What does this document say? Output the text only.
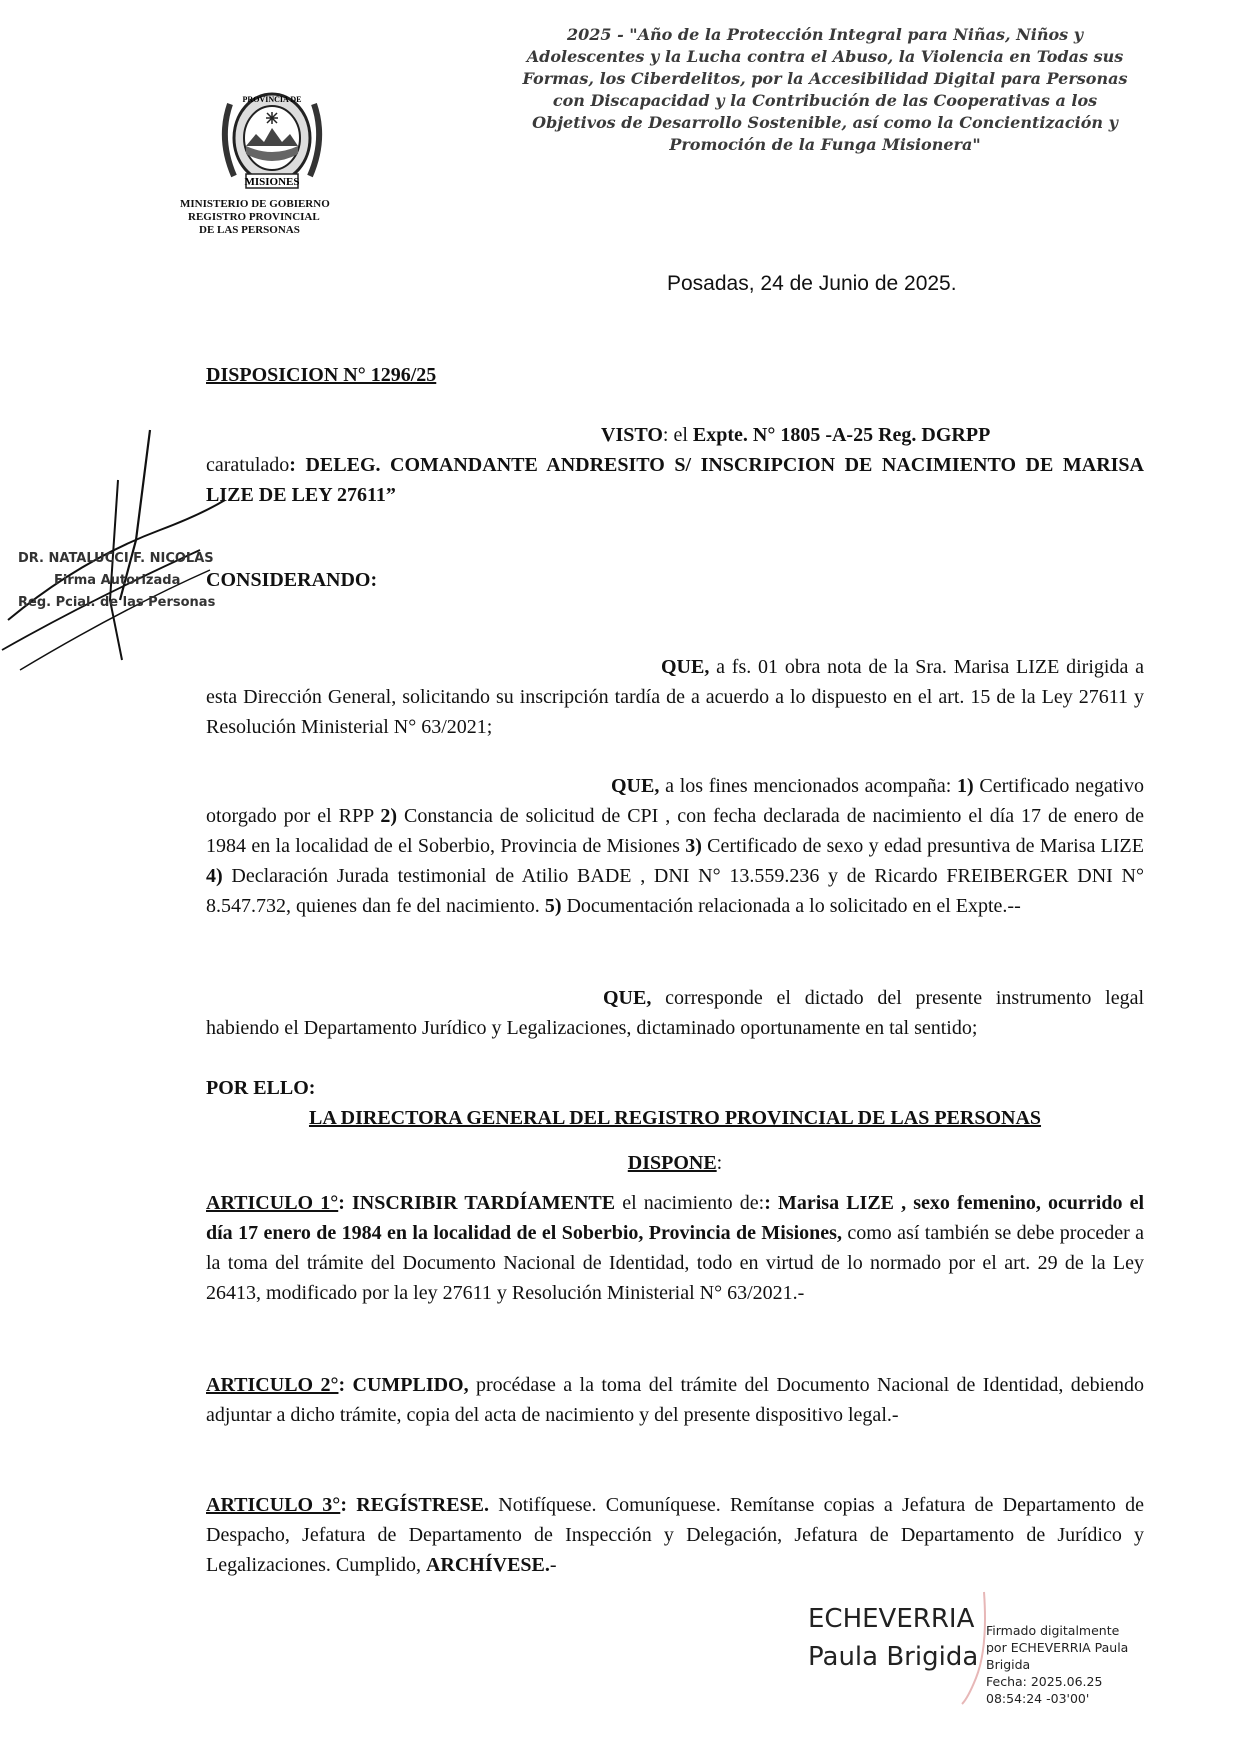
MISIONES
PROVINCIA DE
MINISTERIO DE GOBIERNO
REGISTRO PROVINCIAL
DE LAS PERSONAS
2025 - "Año de la Protección Integral para Niñas, Niños y Adolescentes y la Lucha contra el Abuso, la Violencia en Todas sus Formas, los Ciberdelitos, por la Accesibilidad Digital para Personas con Discapacidad y la Contribución de las Cooperativas a los Objetivos de Desarrollo Sostenible, así como la Concientización y Promoción de la Funga Misionera"
Posadas, 24 de Junio de 2025.
DISPOSICION N° 1296/25
VISTO: el Expte. N° 1805 -A-25 Reg. DGRPP
caratulado: DELEG. COMANDANTE ANDRESITO S/ INSCRIPCION DE NACIMIENTO DE MARISA LIZE DE LEY 27611”
CONSIDERANDO:
QUE, a fs. 01 obra nota de la Sra. Marisa LIZE dirigida a esta Dirección General, solicitando su inscripción tardía de a acuerdo a lo dispuesto en el art. 15 de la Ley 27611 y Resolución Ministerial N° 63/2021;
QUE, a los fines mencionados acompaña: 1) Certificado negativo otorgado por el RPP 2) Constancia de solicitud de CPI , con fecha declarada de nacimiento el día 17 de enero de 1984 en la localidad de el Soberbio, Provincia de Misiones 3) Certificado de sexo y edad presuntiva de Marisa LIZE 4) Declaración Jurada testimonial de Atilio BADE , DNI N° 13.559.236 y de Ricardo FREIBERGER DNI N° 8.547.732, quienes dan fe del nacimiento. 5) Documentación relacionada a lo solicitado en el Expte.--
QUE, corresponde el dictado del presente instrumento legal habiendo el Departamento Jurídico y Legalizaciones, dictaminado oportunamente en tal sentido;
POR ELLO:
LA DIRECTORA GENERAL DEL REGISTRO PROVINCIAL DE LAS PERSONAS
DISPONE:
ARTICULO 1°: INSCRIBIR TARDÍAMENTE el nacimiento de:: Marisa LIZE , sexo femenino, ocurrido el día 17 enero de 1984 en la localidad de el Soberbio, Provincia de Misiones, como así también se debe proceder a la toma del trámite del Documento Nacional de Identidad, todo en virtud de lo normado por el art. 29 de la Ley 26413, modificado por la ley 27611 y Resolución Ministerial N° 63/2021.-
ARTICULO 2°: CUMPLIDO, procédase a la toma del trámite del Documento Nacional de Identidad, debiendo adjuntar a dicho trámite, copia del acta de nacimiento y del presente dispositivo legal.-
ARTICULO 3°: REGÍSTRESE. Notifíquese. Comuníquese. Remítanse copias a Jefatura de Departamento de Despacho, Jefatura de Departamento de Inspección y Delegación, Jefatura de Departamento de Jurídico y Legalizaciones. Cumplido, ARCHÍVESE.-
DR. NATALUCCI F. NICOLAS
Firma Autorizada
Reg. Pcial. de las Personas
ECHEVERRIA
Paula Brigida
Firmado digitalmente
por ECHEVERRIA Paula
Brigida
Fecha: 2025.06.25
08:54:24 -03'00'
